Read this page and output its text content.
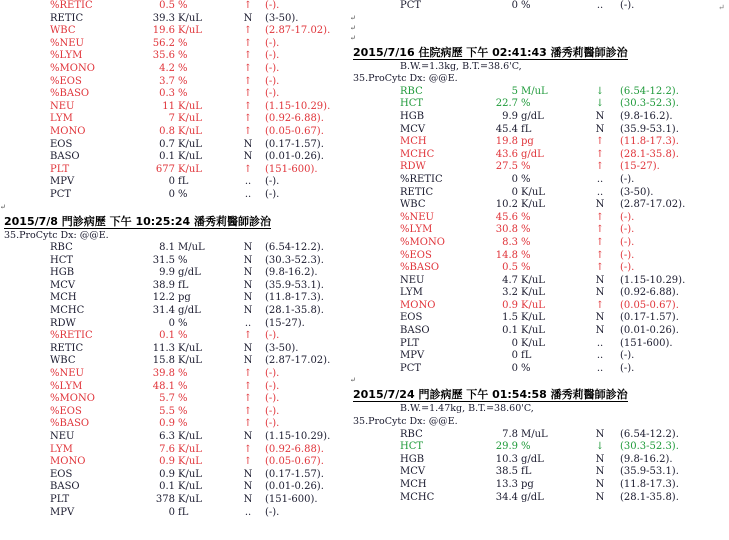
%RETIC	0.5 %	↑ (-).
RETIC	39.3 K/uL	N (3-50).
WBC	19.6 K/uL	↑ (2.87-17.02).
%NEU	56.2 %	↑ (-).
%LYM	35.6 %	↑ (-).
%MONO	4.2 %	↑ (-).
%EOS	3.7 %	↑ (-).
%BASO	0.3 %	↑ (-).
NEU	11 K/uL	↑ (1.15-10.29).
LYM	7 K/uL	↑ (0.92-6.88).
MONO	0.8 K/uL	↑ (0.05-0.67).
EOS	0.7 K/uL	N (0.17-1.57).
BASO	0.1 K/uL	N (0.01-0.26).
PLT	677 K/uL	↑ (151-600).
MPV	0 fL	..	(-).
PCT	0 %	..	(-).
↵
2015/7/8 門診病歷 下午 10:25:24 潘秀莉醫師診治
35.ProCytc Dx: @@E.
RBC	8.1 M/uL	N (6.54-12.2).
HCT	31.5 %	N (30.3-52.3).
HGB	9.9 g/dL	N (9.8-16.2).
MCV	38.9 fL	N (35.9-53.1).
MCH	12.2 pg	N (11.8-17.3).
MCHC	31.4 g/dL	N (28.1-35.8).
RDW	0 %	..	(15-27).
%RETIC	0.1 %	↑ (-).
RETIC	11.3 K/uL	N (3-50).
WBC	15.8 K/uL	N (2.87-17.02).
%NEU	39.8 %	↑ (-).
%LYM	48.1 %	↑ (-).
%MONO	5.7 %	↑ (-).
%EOS	5.5 %	↑ (-).
%BASO	0.9 %	↑ (-).
NEU	6.3 K/uL	N (1.15-10.29).
LYM	7.6 K/uL	↑ (0.92-6.88).
MONO	0.9 K/uL	↑ (0.05-0.67).
EOS	0.9 K/uL	N (0.17-1.57).
BASO	0.1 K/uL	N (0.01-0.26).
PLT	378 K/uL	N (151-600).
MPV	0 fL	..	(-).
PCT	0 %	..	(-).
↵
↵
↵
2015/7/16 住院病歷 下午 02:41:43 潘秀莉醫師診治
B.W.=1.3kg, B.T.=38.6'C,
35.ProCytc Dx: @@E.
RBC	5 M/uL	↓ (6.54-12.2).
HCT	22.7 %	↓ (30.3-52.3).
HGB	9.9 g/dL	N (9.8-16.2).
MCV	45.4 fL	N (35.9-53.1).
MCH	19.8 pg	↑ (11.8-17.3).
MCHC	43.6 g/dL	↑ (28.1-35.8).
RDW	27.5 %	↑ (15-27).
%RETIC	0 %	..	(-).
RETIC	0 K/uL	..	(3-50).
WBC	10.2 K/uL	N (2.87-17.02).
%NEU	45.6 %	↑ (-).
%LYM	30.8 %	↑ (-).
%MONO	8.3 %	↑ (-).
%EOS	14.8 %	↑ (-).
%BASO	0.5 %	↑ (-).
NEU	4.7 K/uL	N (1.15-10.29).
LYM	3.2 K/uL	N (0.92-6.88).
MONO	0.9 K/uL	↑ (0.05-0.67).
EOS	1.5 K/uL	N (0.17-1.57).
BASO	0.1 K/uL	N (0.01-0.26).
PLT	0 K/uL	..	(151-600).
MPV	0 fL	..	(-).
PCT	0 %	..	(-).
↵
2015/7/24 門診病歷 下午 01:54:58 潘秀莉醫師診治
B.W.=1.47kg, B.T.=38.60'C,
35.ProCytc Dx: @@E.
RBC	7.8 M/uL	N (6.54-12.2).
HCT	29.9 %	↓ (30.3-52.3).
HGB	10.3 g/dL	N (9.8-16.2).
MCV	38.5 fL	N (35.9-53.1).
MCH	13.3 pg	N (11.8-17.3).
MCHC	34.4 g/dL	N (28.1-35.8).
↵
